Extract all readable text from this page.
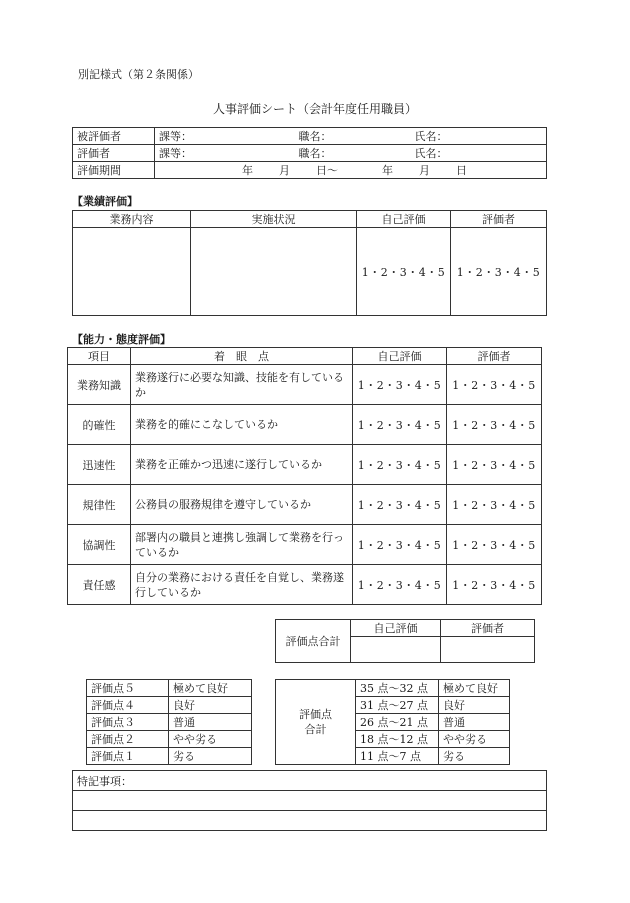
別記様式（第２条関係）
人事評価シート（会計年度任用職員）
被評価者	課等：	職名：	氏名：
評価者	課等：	職名：	氏名：
評価期間	年 月 日～ 年 月 日		
【業績評価】
業務内容	実施状況	自己評価	評価者
		1・2・3・4・5	1・2・3・4・5
【能力・態度評価】
項目	着　眼　点	自己評価	評価者
業務知識	業務遂行に必要な知識、技能を有しているか	1・2・3・4・5	1・2・3・4・5
的確性	業務を的確にこなしているか	1・2・3・4・5	1・2・3・4・5
迅速性	業務を正確かつ迅速に遂行しているか	1・2・3・4・5	1・2・3・4・5
規律性	公務員の服務規律を遵守しているか	1・2・3・4・5	1・2・3・4・5
協調性	部署内の職員と連携し強調して業務を行っているか	1・2・3・4・5	1・2・3・4・5
責任感	自分の業務における責任を自覚し、業務遂行しているか	1・2・3・4・5	1・2・3・4・5
評価点合計	自己評価	評価者

評価点５	極めて良好
評価点４	良好
評価点３	普通
評価点２	やや劣る
評価点１	劣る
評価点
合計	35 点～32 点	極めて良好
	31 点～27 点	良好
	26 点～21 点	普通
	18 点～12 点	やや劣る
	11 点～7 点	劣る
特記事項：
